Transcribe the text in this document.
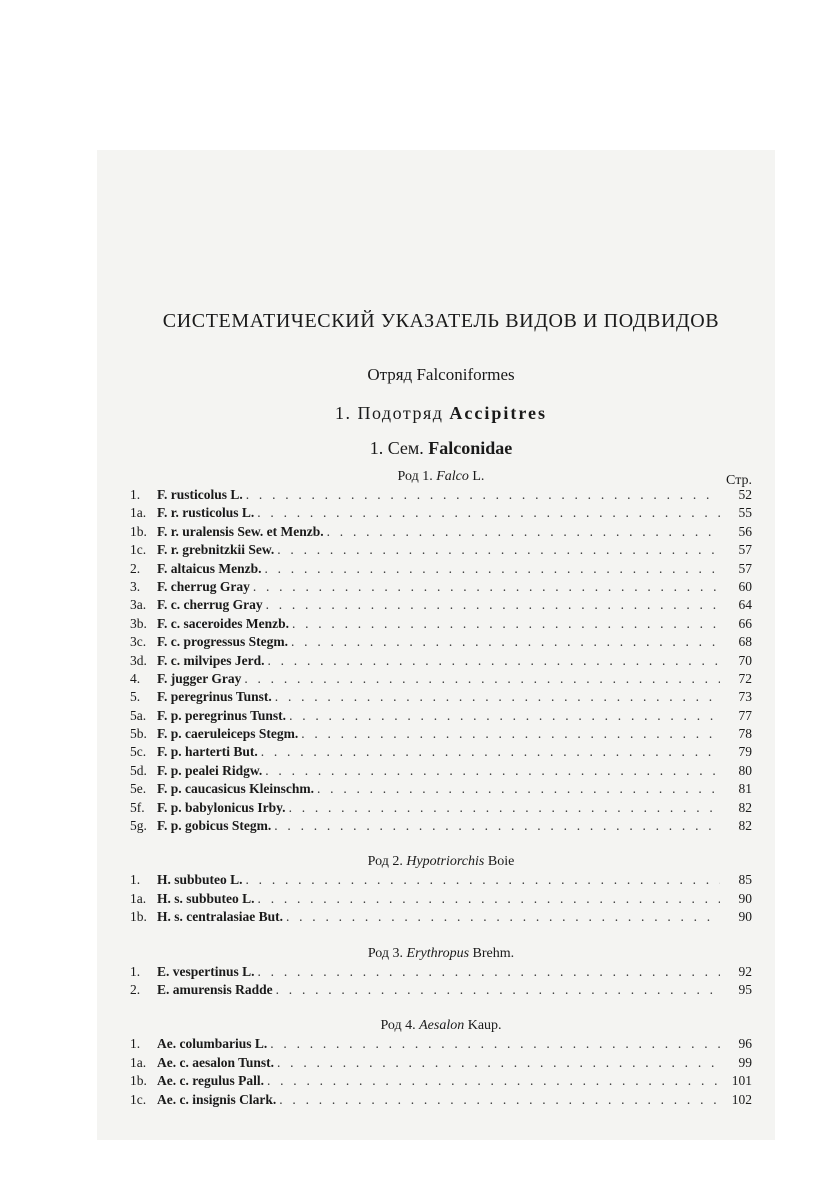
СИСТЕМАТИЧЕСКИЙ УКАЗАТЕЛЬ ВИДОВ И ПОДВИДОВ
Отряд Falconiformes
1. Подотряд Accipitres
1. Сем. Falconidae
Род 1. Falco L.	Стр.
1.	F. rusticolus L. . . .	52
1a. F. r. rusticolus L. . . .	55
1b. F. r. uralensis Sew. et Menzb. . . .	56
1c. F. r. grebnitzkii Sew. . . .	57
2.	F. altaicus Menzb. . . .	57
3.	F. cherrug Gray . . .	60
3a. F. c. cherrug Gray . . .	64
3b. F. c. saceroides Menzb. . . .	66
3c. F. c. progressus Stegm. . . .	68
3d. F. c. milvipes Jerd. . . .	70
4.	F. jugger Gray . . .	72
5.	F. peregrinus Tunst. . . .	73
5a. F. p. peregrinus Tunst. . . .	77
5b. F. p. caeruleiceps Stegm. . . .	78
5c. F. p. harterti But. . . .	79
5d. F. p. pealei Ridgw. . . .	80
5e. F. p. caucasicus Kleinschm. . . .	81
5f. F. p. babylonicus Irby. . . .	82
5g. F. p. gobicus Stegm. . . .	82
Род 2. Hypotriorchis Boie
1.	H. subbuteo L. . . .	85
1a. H. s. subbuteo L. . . .	90
1b. H. s. centralasiae But. . . .	90
Род 3. Erythropus Brehm.
1.	E. vespertinus L. . . .	92
2.	E. amurensis Radde . . .	95
Род 4. Aesalon Kaup.
1.	Ae. columbarius L. . . .	96
1a. Ae. c. aesalon Tunst. . . .	99
1b. Ae. c. regulus Pall. . . .	101
1c. Ae. c. insignis Clark. . . .	102
